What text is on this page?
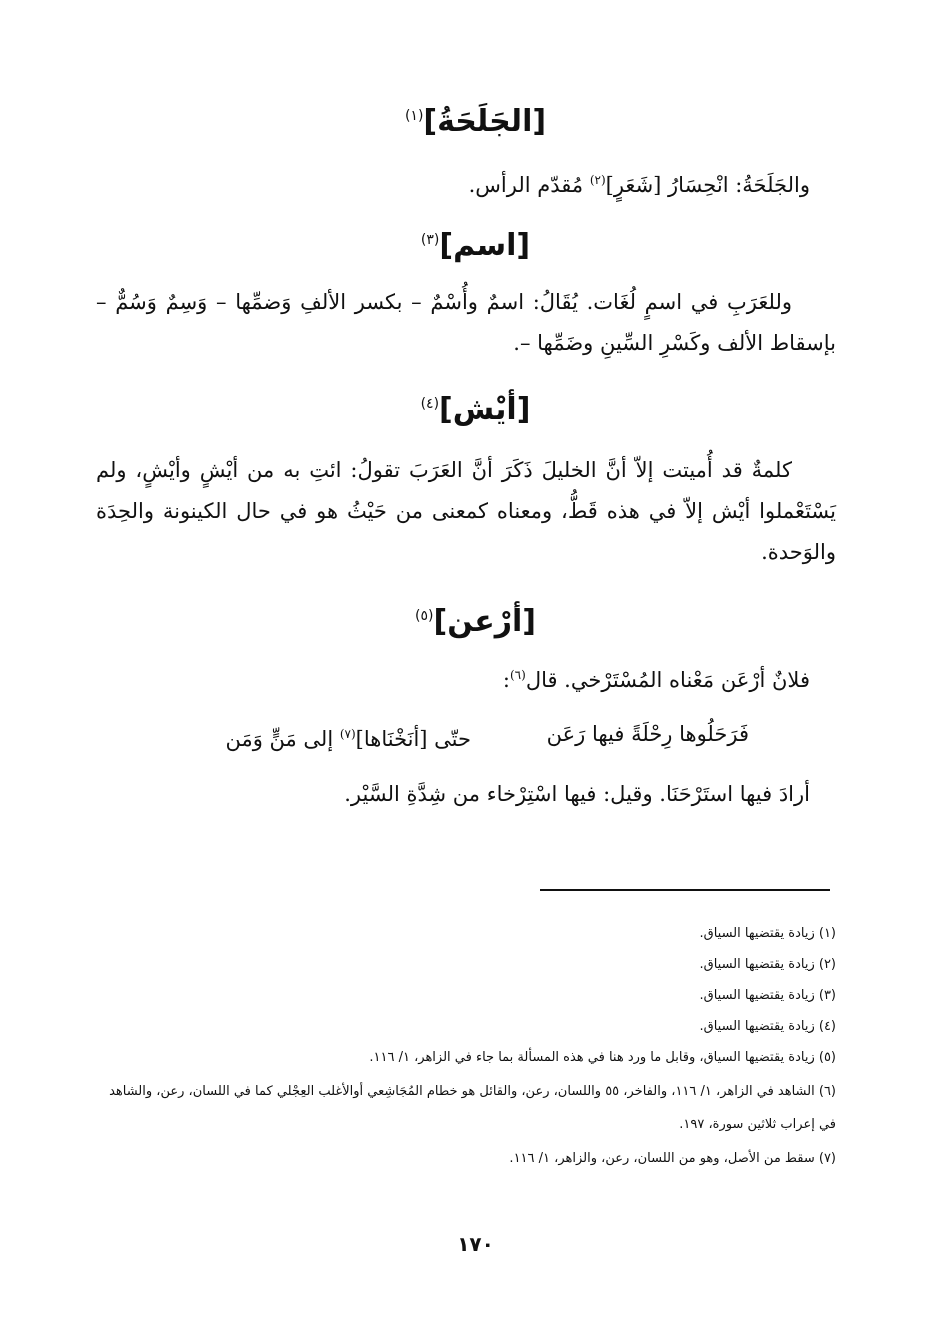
[الجَلَحَةُ]$^{(١)}$
والجَلَحَةُ: انْحِسَارُ [شَعَرٍ]$^{(٢)}$ مُقدّم الرأس.
[اسم]$^{(٣)}$
وللعَرَبِ في اسمٍ لُغَات. يُقَالُ: اسمٌ وأُسْمٌ – بكسر الألفِ وَضمِّها – وَسِمٌ وَسُمٌّ – بإسقاط الألف وكَسْرِ السِّينِ وضَمِّها –.
[أيْش]$^{(٤)}$
كلمةٌ قد أُميتت إلاّ أنَّ الخليلَ ذَكَرَ أنَّ العَرَبَ تقولُ: ائتِ به من أيْشٍ وأيْشٍ، ولم يَسْتَعْملوا أيْش إلاّ في هذه قَطُّ، ومعناه كمعنى من حَيْثُ هو في حال الكينونة والحِدَة والوَحدة.
[أرْعن]$^{(٥)}$
فلانٌ أرْعَن مَعْناه المُسْتَرْخي. قال$^{(٦)}$:
فَرَحَلُوها رِحْلَةً فيها رَعَن
حتّى [أنَخْنَاها]$^{(٧)}$ إلى مَنٍّ وَمَن
أرادَ فيها استَرْحَنَا. وقيل: فيها اسْتِرْخاء من شِدَّةِ السَّيْر.
(١) زيادة يقتضيها السياق.
(٢) زيادة يقتضيها السياق.
(٣) زيادة يقتضيها السياق.
(٤) زيادة يقتضيها السياق.
(٥) زيادة يقتضيها السياق، وقابل ما ورد هنا في هذه المسألة بما جاء في الزاهر، ١/ ١١٦.
(٦) الشاهد في الزاهر، ١/ ١١٦، والفاخر، ٥٥ واللسان، رعن، والقائل هو خطام المُجَاشِعي أوالأغلب العِجْلي كما في اللسان، رعن، والشاهد في إعراب ثلاثين سورة، ١٩٧.
(٧) سقط من الأصل، وهو من اللسان، رعن، والزاهر، ١/ ١١٦.
١٧٠
